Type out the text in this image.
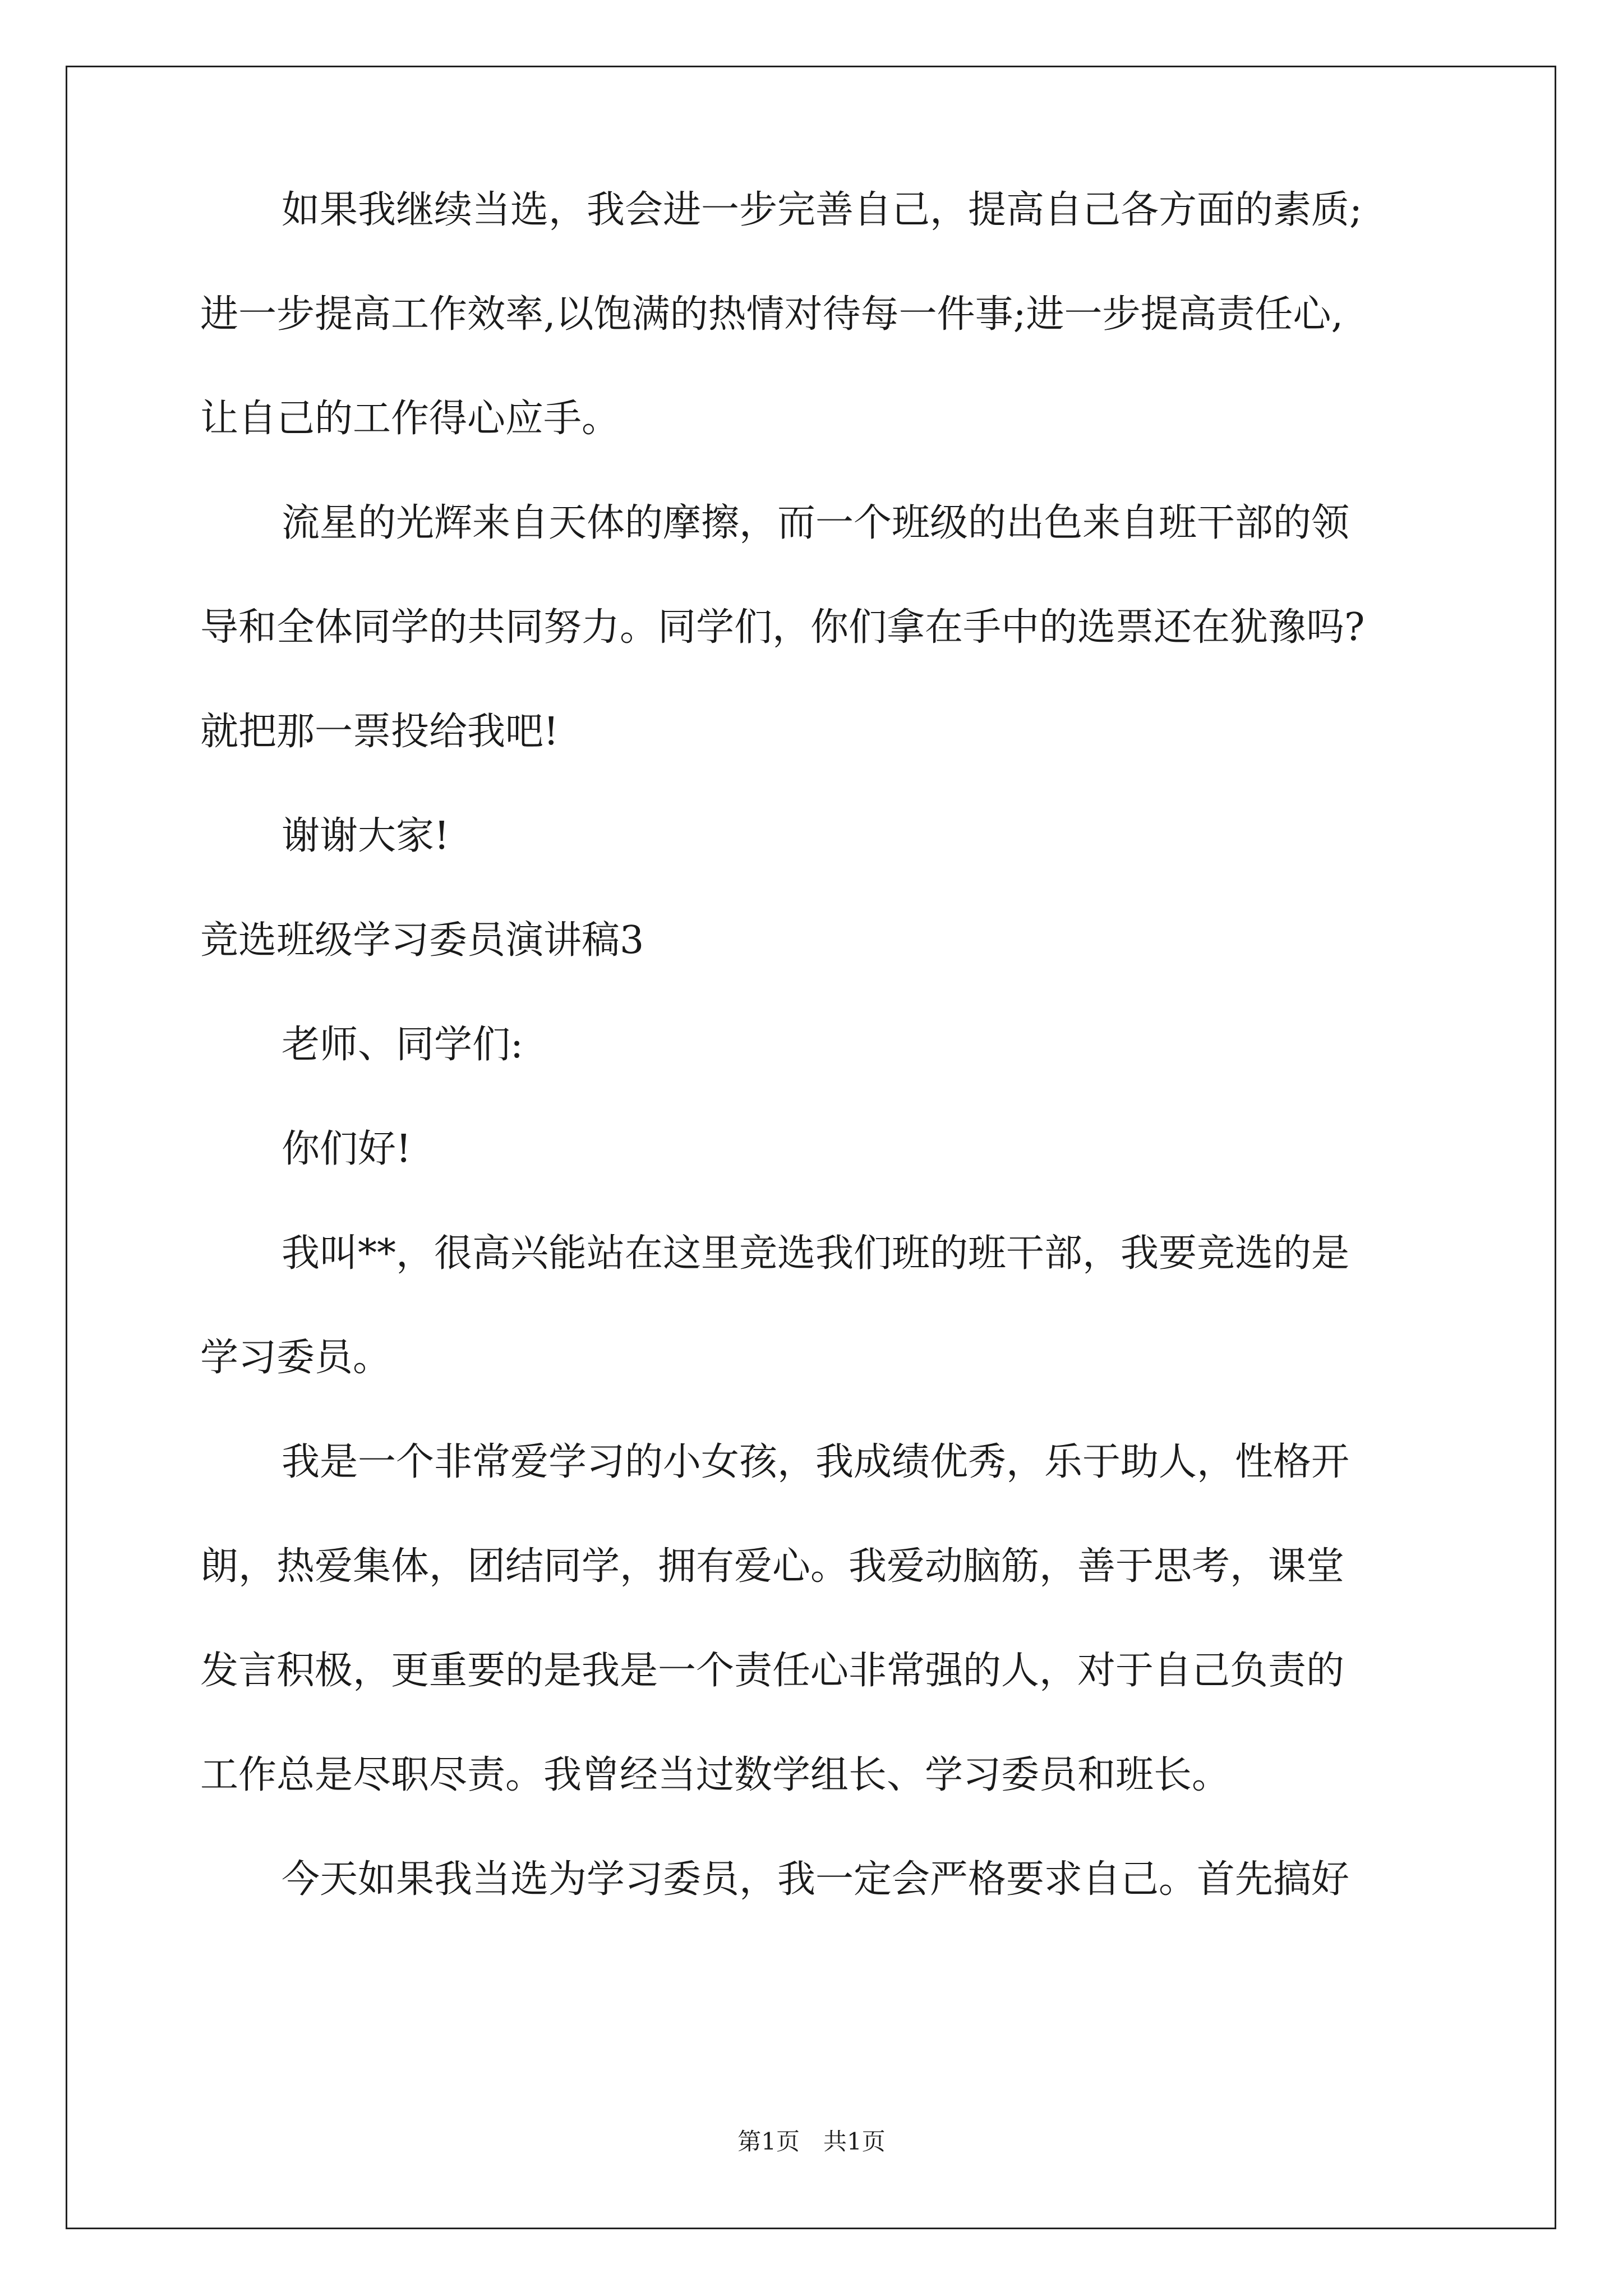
如果我继续当选，我会进一步完善自己，提高自己各方面的素质;
进一步提高工作效率,以饱满的热情对待每一件事;进一步提高责任心,
让自己的工作得心应手。
流星的光辉来自天体的摩擦，而一个班级的出色来自班干部的领
导和全体同学的共同努力。同学们，你们拿在手中的选票还在犹豫吗?
就把那一票投给我吧!
谢谢大家!
竞选班级学习委员演讲稿3
老师、同学们:
你们好!
我叫**，很高兴能站在这里竞选我们班的班干部，我要竞选的是
学习委员。
我是一个非常爱学习的小女孩，我成绩优秀，乐于助人，性格开
朗，热爱集体，团结同学，拥有爱心。我爱动脑筋，善于思考，课堂
发言积极，更重要的是我是一个责任心非常强的人，对于自己负责的
工作总是尽职尽责。我曾经当过数学组长、学习委员和班长。
今天如果我当选为学习委员，我一定会严格要求自己。首先搞好
第1页　共1页
